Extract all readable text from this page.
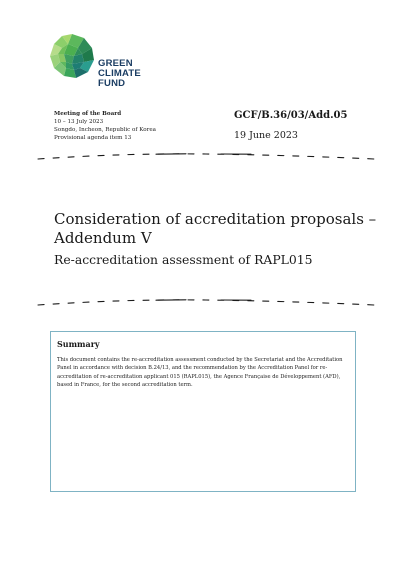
GREEN
CLIMATE
FUND
Meeting of the Board
10 – 13 July 2023
Songdo, Incheon, Republic of Korea
Provisional agenda item 13
GCF/B.36/03/Add.05
19 June 2023
Consideration of accreditation proposals – Addendum V
Re-accreditation assessment of RAPL015
Summary
This document contains the re-accreditation assessment conducted by the Secretariat and the Accreditation Panel in accordance with decision B.24/13, and the recommendation by the Accreditation Panel for re-accreditation of re-accreditation applicant 015 (RAPL015), the Agence Française de Développement (AFD), based in France, for the second accreditation term.
